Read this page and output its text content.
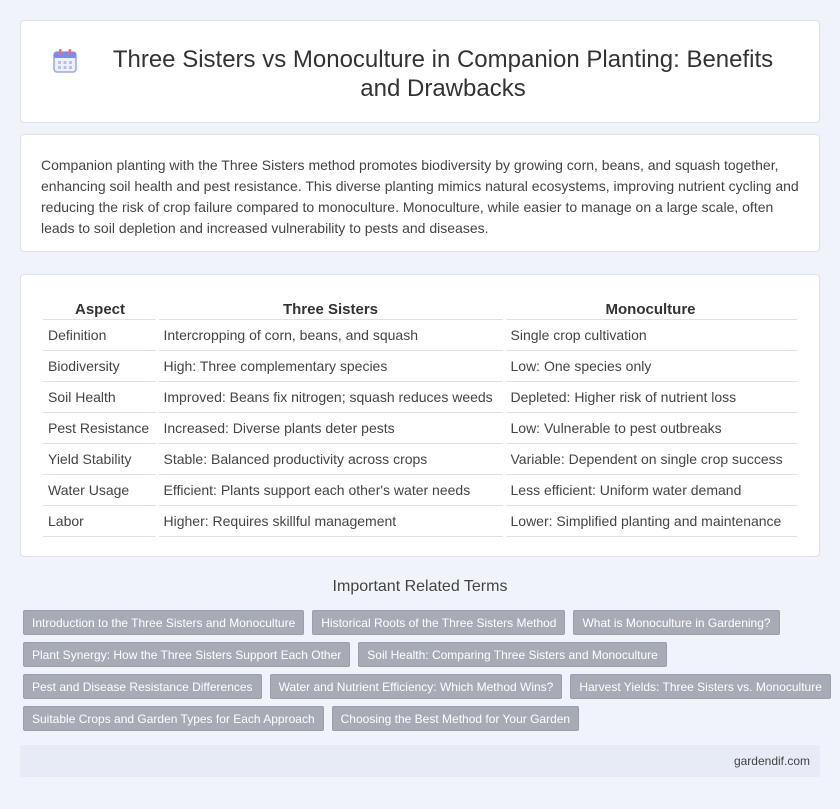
Three Sisters vs Monoculture in Companion Planting: Benefits and Drawbacks

Companion planting with the Three Sisters method promotes biodiversity by growing corn, beans, and squash together, enhancing soil health and pest resistance. This diverse planting mimics natural ecosystems, improving nutrient cycling and reducing the risk of crop failure compared to monoculture. Monoculture, while easier to manage on a large scale, often leads to soil depletion and increased vulnerability to pests and diseases.

Aspect	Three Sisters	Monoculture
Definition	Intercropping of corn, beans, and squash	Single crop cultivation
Biodiversity	High: Three complementary species	Low: One species only
Soil Health	Improved: Beans fix nitrogen; squash reduces weeds	Depleted: Higher risk of nutrient loss
Pest Resistance	Increased: Diverse plants deter pests	Low: Vulnerable to pest outbreaks
Yield Stability	Stable: Balanced productivity across crops	Variable: Dependent on single crop success
Water Usage	Efficient: Plants support each other's water needs	Less efficient: Uniform water demand
Labor	Higher: Requires skillful management	Lower: Simplified planting and maintenance
Important Related Terms
Introduction to the Three Sisters and Monoculture	Historical Roots of the Three Sisters Method	What is Monoculture in Gardening?
Plant Synergy: How the Three Sisters Support Each Other	Soil Health: Comparing Three Sisters and Monoculture
Pest and Disease Resistance Differences	Water and Nutrient Efficiency: Which Method Wins?	Harvest Yields: Three Sisters vs. Monoculture
Suitable Crops and Garden Types for Each Approach	Choosing the Best Method for Your Garden
gardendif.com
